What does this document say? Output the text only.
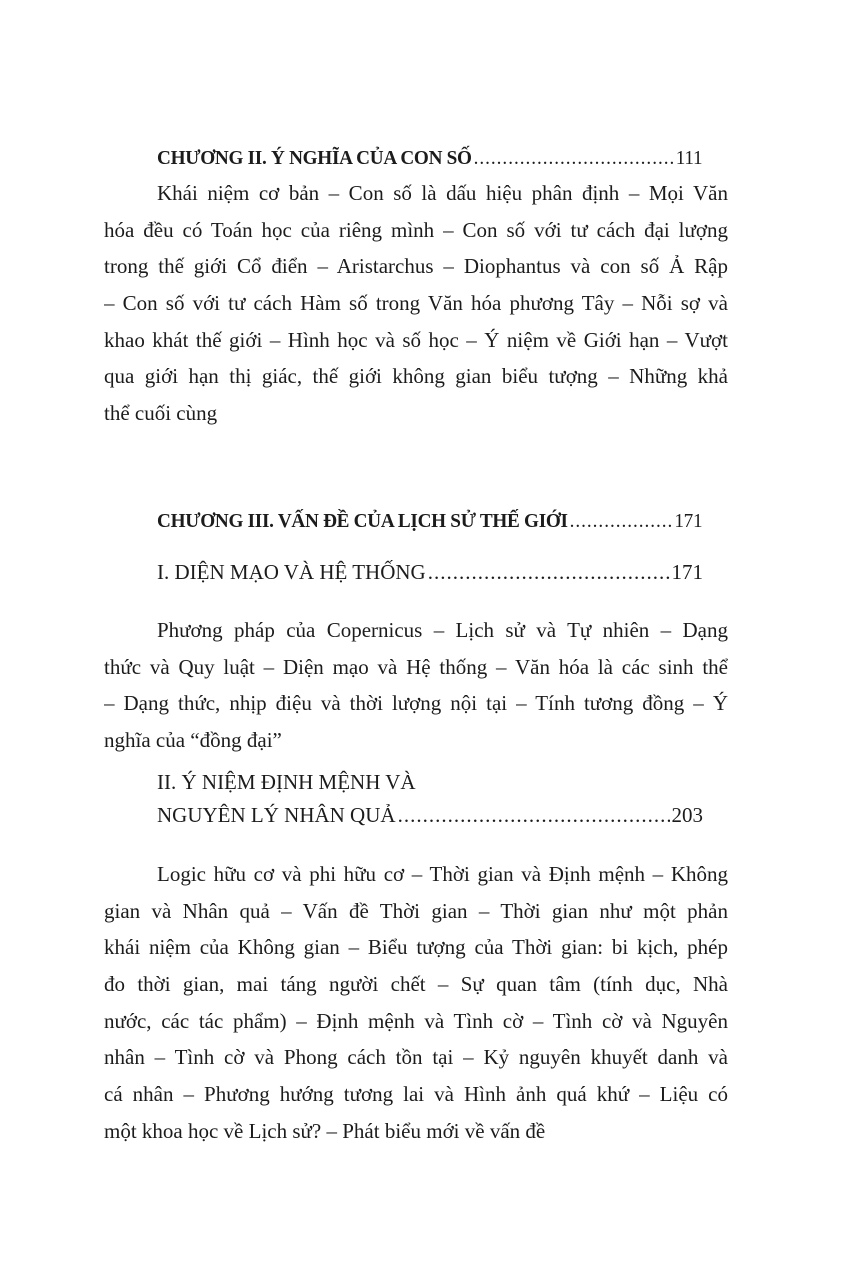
CHƯƠNG II. Ý NGHĨA CỦA CON SỐ .....	111
Khái niệm cơ bản – Con số là dấu hiệu phân định – Mọi Văn
hóa đều có Toán học của riêng mình – Con số với tư cách đại lượng
trong thế giới Cổ điển – Aristarchus – Diophantus và con số Ả Rập
– Con số với tư cách Hàm số trong Văn hóa phương Tây – Nỗi sợ và
khao khát thế giới – Hình học và số học – Ý niệm về Giới hạn – Vượt
qua giới hạn thị giác, thế giới không gian biểu tượng – Những khả
thể cuối cùng
CHƯƠNG III. VẤN ĐỀ CỦA LỊCH SỬ THẾ GIỚI .....	171
I. DIỆN MẠO VÀ HỆ THỐNG .....	171
Phương pháp của Copernicus – Lịch sử và Tự nhiên – Dạng
thức và Quy luật – Diện mạo và Hệ thống – Văn hóa là các sinh thể
– Dạng thức, nhịp điệu và thời lượng nội tại – Tính tương đồng – Ý
nghĩa của “đồng đại”
II. Ý NIỆM ĐỊNH MỆNH VÀ
NGUYÊN LÝ NHÂN QUẢ .....	203
Logic hữu cơ và phi hữu cơ – Thời gian và Định mệnh – Không
gian và Nhân quả – Vấn đề Thời gian – Thời gian như một phản
khái niệm của Không gian – Biểu tượng của Thời gian: bi kịch, phép
đo thời gian, mai táng người chết – Sự quan tâm (tính dục, Nhà
nước, các tác phẩm) – Định mệnh và Tình cờ – Tình cờ và Nguyên
nhân – Tình cờ và Phong cách tồn tại – Kỷ nguyên khuyết danh và
cá nhân – Phương hướng tương lai và Hình ảnh quá khứ – Liệu có
một khoa học về Lịch sử? – Phát biểu mới về vấn đề
